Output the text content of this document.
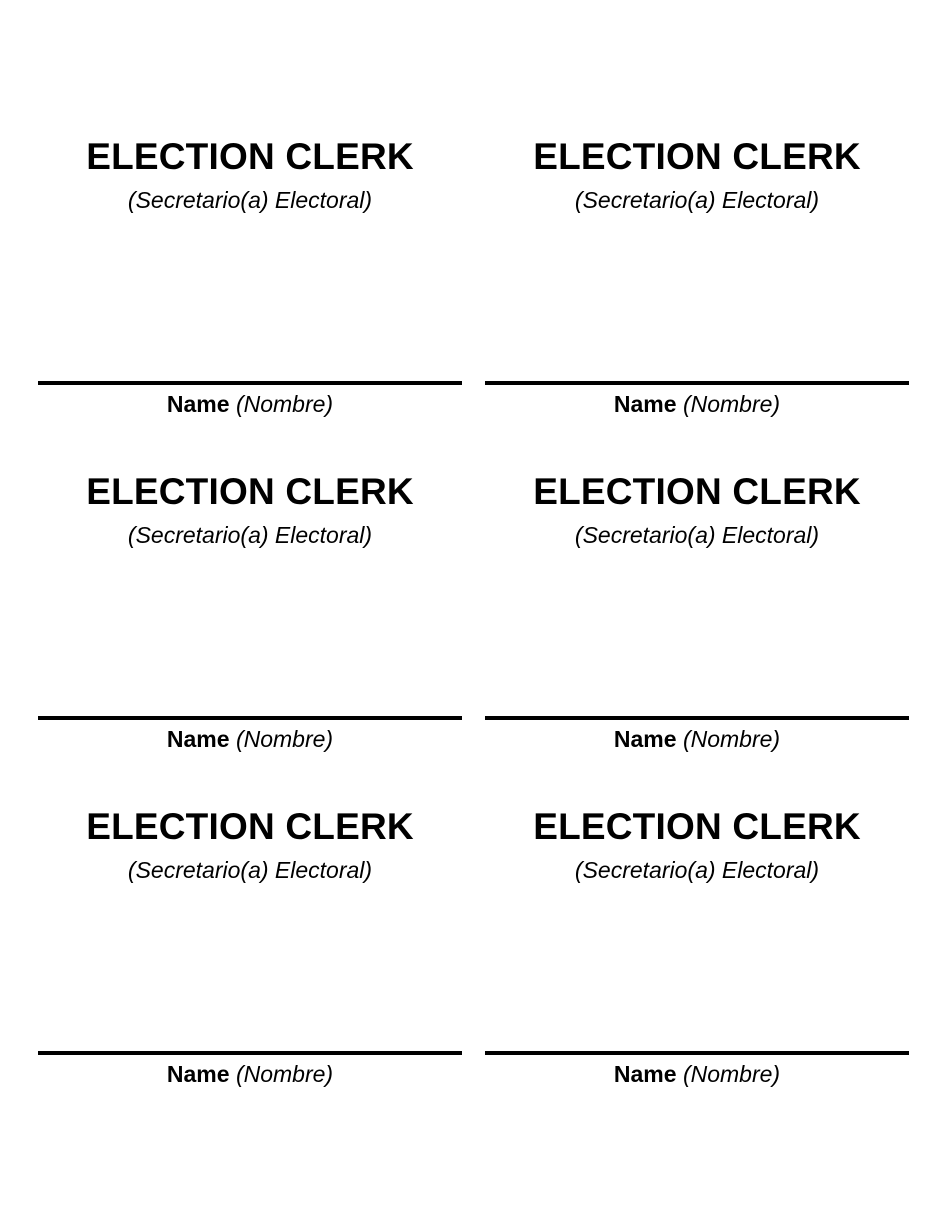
ELECTION CLERK
(Secretario(a) Electoral)
Name (Nombre)
ELECTION CLERK
(Secretario(a) Electoral)
Name (Nombre)
ELECTION CLERK
(Secretario(a) Electoral)
Name (Nombre)
ELECTION CLERK
(Secretario(a) Electoral)
Name (Nombre)
ELECTION CLERK
(Secretario(a) Electoral)
Name (Nombre)
ELECTION CLERK
(Secretario(a) Electoral)
Name (Nombre)
